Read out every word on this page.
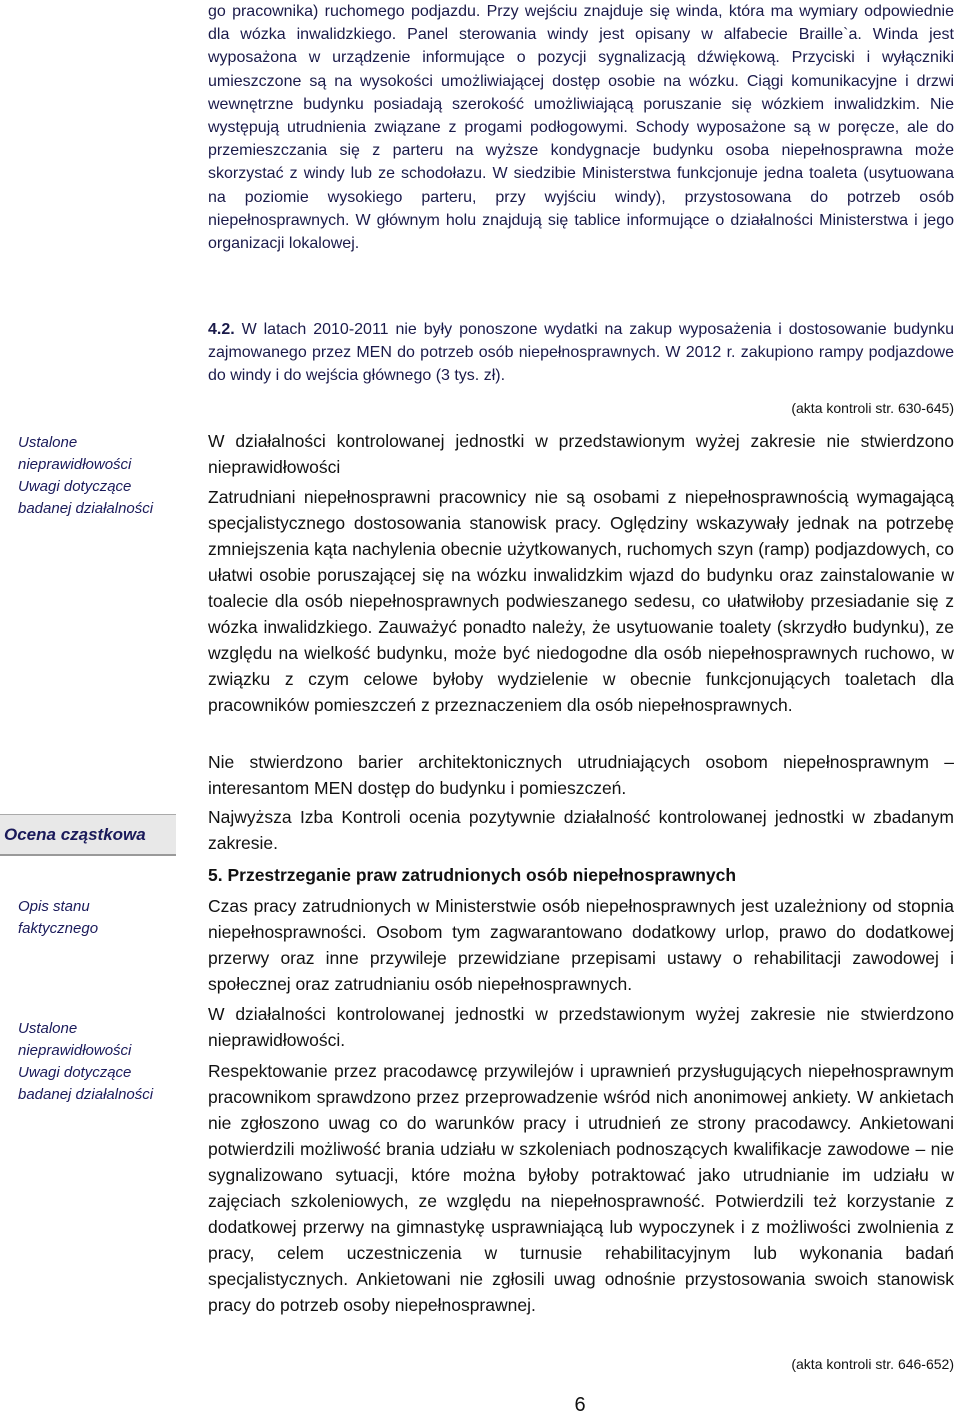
Ustalone
nieprawidłowości
Uwagi dotyczące
badanej działalności
Ocena cząstkowa
Opis stanu
faktycznego
Ustalone
nieprawidłowości
Uwagi dotyczące
badanej działalności
go pracownika) ruchomego podjazdu. Przy wejściu znajduje się winda, która ma wymiary odpowiednie dla wózka inwalidzkiego. Panel sterowania windy jest opisany w alfabecie Braille`a. Winda jest wyposażona w urządzenie informujące o pozycji sygnalizacją dźwiękową. Przyciski i wyłączniki umieszczone są na wysokości umożliwiającej dostęp osobie na wózku. Ciągi komunikacyjne i drzwi wewnętrzne budynku posiadają szerokość umożliwiającą poruszanie się wózkiem inwalidzkim. Nie występują utrudnienia związane z progami podłogowymi. Schody wyposażone są w poręcze, ale do przemieszczania się z parteru na wyższe kondygnacje budynku osoba niepełnosprawna może skorzystać z windy lub ze schodołazu. W siedzibie Ministerstwa funkcjonuje jedna toaleta (usytuowana na poziomie wysokiego parteru, przy wyjściu windy), przystosowana do potrzeb osób niepełnosprawnych. W głównym holu znajdują się tablice informujące o działalności Ministerstwa i jego organizacji lokalowej.
4.2. W latach 2010-2011 nie były ponoszone wydatki na zakup wyposażenia i dostosowanie budynku zajmowanego przez MEN do potrzeb osób niepełnosprawnych. W 2012 r. zakupiono rampy podjazdowe do windy i do wejścia głównego (3 tys. zł).
(akta kontroli str. 630-645)
W działalności kontrolowanej jednostki w przedstawionym wyżej zakresie nie stwierdzono nieprawidłowości
Zatrudniani niepełnosprawni pracownicy nie są osobami z niepełnosprawnością wymagającą specjalistycznego dostosowania stanowisk pracy. Oględziny wskazywały jednak na potrzebę zmniejszenia kąta nachylenia obecnie użytkowanych, ruchomych szyn (ramp) podjazdowych, co ułatwi osobie poruszającej się na wózku inwalidzkim wjazd do budynku oraz zainstalowanie w toalecie dla osób niepełnosprawnych podwieszanego sedesu, co ułatwiłoby przesiadanie się z wózka inwalidzkiego. Zauważyć ponadto należy, że usytuowanie toalety (skrzydło budynku), ze względu na wielkość budynku, może być niedogodne dla osób niepełnosprawnych ruchowo, w związku z czym celowe byłoby wydzielenie w obecnie funkcjonujących toaletach dla pracowników pomieszczeń z przeznaczeniem dla osób niepełnosprawnych.
Nie stwierdzono barier architektonicznych utrudniających osobom niepełnosprawnym – interesantom MEN dostęp do budynku i pomieszczeń.
Najwyższa Izba Kontroli ocenia pozytywnie działalność kontrolowanej jednostki w zbadanym zakresie.
5. Przestrzeganie praw zatrudnionych osób niepełnosprawnych
Czas pracy zatrudnionych w Ministerstwie osób niepełnosprawnych jest uzależniony od stopnia niepełnosprawności. Osobom tym zagwarantowano dodatkowy urlop, prawo do dodatkowej przerwy oraz inne przywileje przewidziane przepisami ustawy o rehabilitacji zawodowej i społecznej oraz zatrudnianiu osób niepełnosprawnych.
W działalności kontrolowanej jednostki w przedstawionym wyżej zakresie nie stwierdzono nieprawidłowości.
Respektowanie przez pracodawcę przywilejów i uprawnień przysługujących niepełnosprawnym pracownikom sprawdzono przez przeprowadzenie wśród nich anonimowej ankiety. W ankietach nie zgłoszono uwag co do warunków pracy i utrudnień ze strony pracodawcy. Ankietowani potwierdzili możliwość brania udziału w szkoleniach podnoszących kwalifikacje zawodowe – nie sygnalizowano sytuacji, które można byłoby potraktować jako utrudnianie im udziału w zajęciach szkoleniowych, ze względu na niepełnosprawność. Potwierdzili też korzystanie z dodatkowej przerwy na gimnastykę usprawniającą lub wypoczynek i z możliwości zwolnienia z pracy, celem uczestniczenia w turnusie rehabilitacyjnym lub wykonania badań specjalistycznych. Ankietowani nie zgłosili uwag odnośnie przystosowania swoich stanowisk pracy do potrzeb osoby niepełnosprawnej.
(akta kontroli str. 646-652)
6
